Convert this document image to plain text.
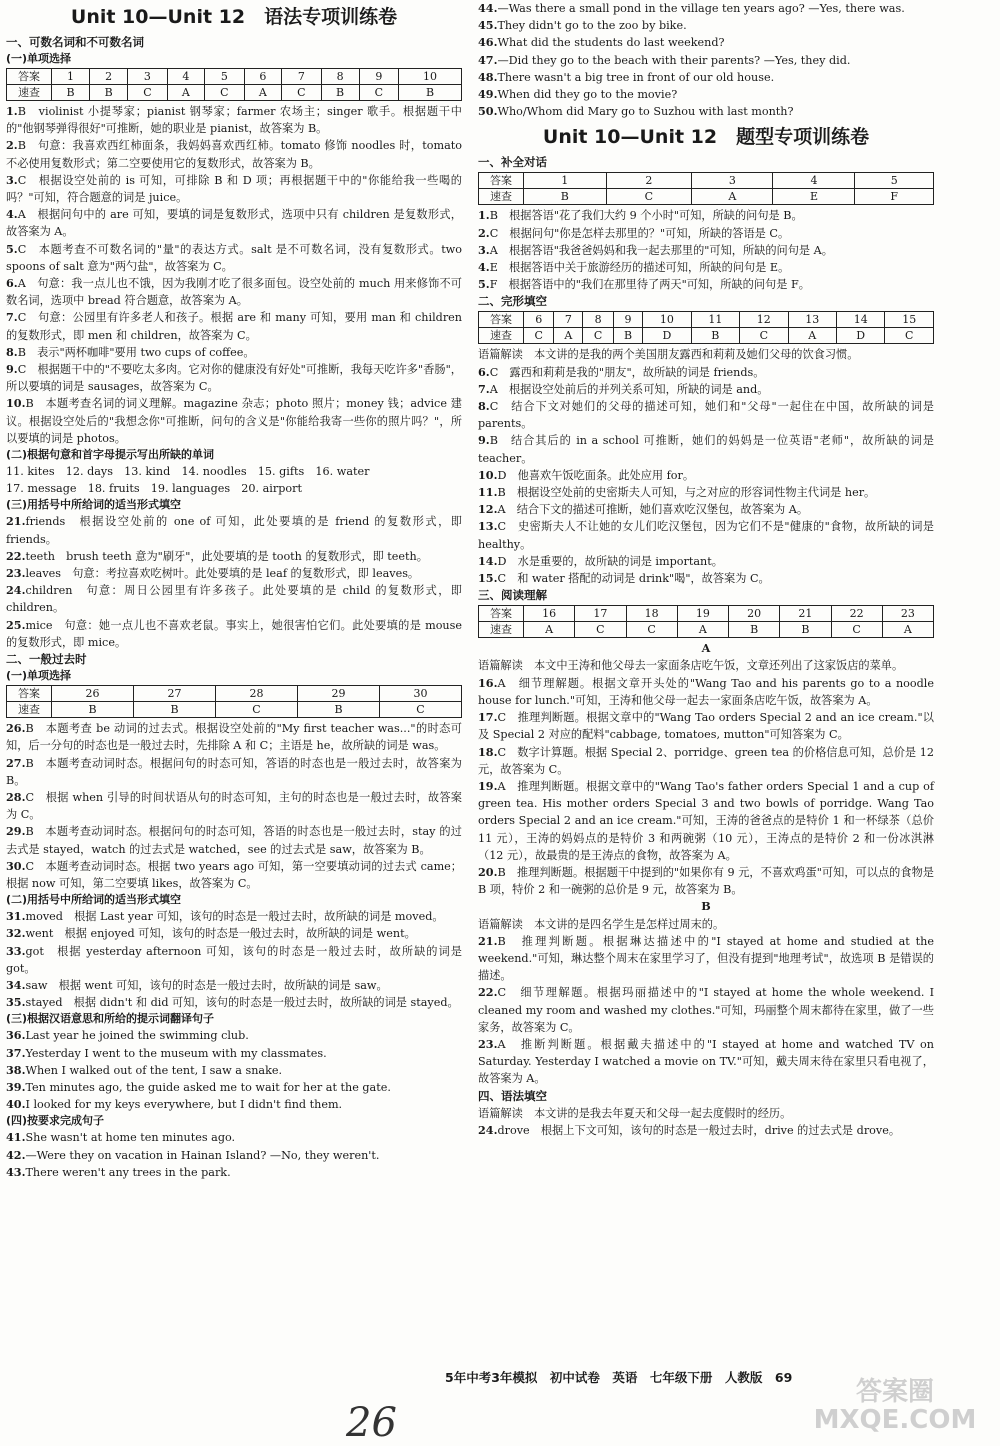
Unit 10—Unit 12　语法专项训练卷

一、可数名词和不可数名词

(一)单项选择

答案	1	2	3	4	5	6	7	8	9	10
速查	B	B	C	A	C	A	C	B	C	B

1.B　violinist 小提琴家；pianist 钢琴家；farmer 农场主；singer 歌手。根据题干中的"他钢琴弹得很好"可推断，她的职业是 pianist，故答案为 B。

2.B　句意：我喜欢西红柿面条，我妈妈喜欢西红柿。tomato 修饰 noodles 时，tomato 不必使用复数形式；第二空要使用它的复数形式，故答案为 B。

3.C　根据设空处前的 is 可知，可排除 B 和 D 项；再根据题干中的"你能给我一些喝的吗？"可知，符合题意的词是 juice。

4.A　根据问句中的 are 可知，要填的词是复数形式，选项中只有 children 是复数形式，故答案为 A。

5.C　本题考查不可数名词的"量"的表达方式。salt 是不可数名词，没有复数形式。two spoons of salt 意为"两勺盐"，故答案为 C。

6.A　句意：我一点儿也不饿，因为我刚才吃了很多面包。设空处前的 much 用来修饰不可数名词，选项中 bread 符合题意，故答案为 A。

7.C　句意：公园里有许多老人和孩子。根据 are 和 many 可知，要用 man 和 children 的复数形式，即 men 和 children，故答案为 C。

8.B　表示"两杯咖啡"要用 two cups of coffee。

9.C　根据题干中的"不要吃太多肉。它对你的健康没有好处"可推断，我每天吃许多"香肠"，所以要填的词是 sausages，故答案为 C。

10.B　本题考查名词的词义理解。magazine 杂志；photo 照片；money 钱；advice 建议。根据设空处后的"我想念你"可推断，问句的含义是"你能给我寄一些你的照片吗？"，所以要填的词是 photos。

(二)根据句意和首字母提示写出所缺的单词

11. kites　12. days　13. kind　14. noodles　15. gifts　16. water

17. message　18. fruits　19. languages　20. airport

(三)用括号中所给词的适当形式填空

21.friends　根据设空处前的 one of 可知，此处要填的是 friend 的复数形式，即 friends。

22.teeth　brush teeth 意为"刷牙"，此处要填的是 tooth 的复数形式，即 teeth。

23.leaves　句意：考拉喜欢吃树叶。此处要填的是 leaf 的复数形式，即 leaves。

24.children　句意：周日公园里有许多孩子。此处要填的是 child 的复数形式，即 children。

25.mice　句意：她一点儿也不喜欢老鼠。事实上，她很害怕它们。此处要填的是 mouse 的复数形式，即 mice。

二、一般过去时

(一)单项选择

答案	26	27	28	29	30
速查	B	B	C	B	C

26.B　本题考查 be 动词的过去式。根据设空处前的"My first teacher was..."的时态可知，后一分句的时态也是一般过去时，先排除 A 和 C；主语是 he，故所缺的词是 was。

27.B　本题考查动词时态。根据问句的时态可知，答语的时态也是一般过去时，故答案为 B。

28.C　根据 when 引导的时间状语从句的时态可知，主句的时态也是一般过去时，故答案为 C。

29.B　本题考查动词时态。根据问句的时态可知，答语的时态也是一般过去时，stay 的过去式是 stayed，watch 的过去式是 watched，see 的过去式是 saw，故答案为 B。

30.C　本题考查动词时态。根据 two years ago 可知，第一空要填动词的过去式 came；根据 now 可知，第二空要填 likes，故答案为 C。

(二)用括号中所给词的适当形式填空

31.moved　根据 Last year 可知，该句的时态是一般过去时，故所缺的词是 moved。

32.went　根据 enjoyed 可知，该句的时态是一般过去时，故所缺的词是 went。

33.got　根据 yesterday afternoon 可知，该句的时态是一般过去时，故所缺的词是 got。

34.saw　根据 went 可知，该句的时态是一般过去时，故所缺的词是 saw。

35.stayed　根据 didn't 和 did 可知，该句的时态是一般过去时，故所缺的词是 stayed。

(三)根据汉语意思和所给的提示词翻译句子

36.Last year he joined the swimming club.

37.Yesterday I went to the museum with my classmates.

38.When I walked out of the tent, I saw a snake.

39.Ten minutes ago, the guide asked me to wait for her at the gate.

40.I looked for my keys everywhere, but I didn't find them.

(四)按要求完成句子

41.She wasn't at home ten minutes ago.

42.—Were they on vacation in Hainan Island? —No, they weren't.

43.There weren't any trees in the park.

44.—Was there a small pond in the village ten years ago? —Yes, there was.

45.They didn't go to the zoo by bike.

46.What did the students do last weekend?

47.—Did they go to the beach with their parents? —Yes, they did.

48.There wasn't a big tree in front of our old house.

49.When did they go to the movie?

50.Who/Whom did Mary go to Suzhou with last month?

Unit 10—Unit 12　题型专项训练卷

一、补全对话

答案	1	2	3	4	5
速查	B	C	A	E	F

1.B　根据答语"花了我们大约 9 个小时"可知，所缺的问句是 B。

2.C　根据问句"你是怎样去那里的？"可知，所缺的答语是 C。

3.A　根据答语"我爸爸妈妈和我一起去那里的"可知，所缺的问句是 A。

4.E　根据答语中关于旅游经历的描述可知，所缺的问句是 E。

5.F　根据答语中的"我们在那里待了两天"可知，所缺的问句是 F。

二、完形填空

答案	6	7	8	9	10	11	12	13	14	15
速查	C	A	C	B	D	B	C	A	D	C

语篇解读　本文讲的是我的两个美国朋友露西和莉莉及她们父母的饮食习惯。

6.C　露西和莉莉是我的"朋友"，故所缺的词是 friends。

7.A　根据设空处前后的并列关系可知，所缺的词是 and。

8.C　结合下文对她们的父母的描述可知，她们和"父母"一起住在中国，故所缺的词是 parents。

9.B　结合其后的 in a school 可推断，她们的妈妈是一位英语"老师"，故所缺的词是 teacher。

10.D　他喜欢午饭吃面条。此处应用 for。

11.B　根据设空处前的史密斯夫人可知，与之对应的形容词性物主代词是 her。

12.A　结合下文的描述可推断，她们喜欢吃汉堡包，故答案为 A。

13.C　史密斯夫人不让她的女儿们吃汉堡包，因为它们不是"健康的"食物，故所缺的词是 healthy。

14.D　水是重要的，故所缺的词是 important。

15.C　和 water 搭配的动词是 drink"喝"，故答案为 C。

三、阅读理解

答案	16	17	18	19	20	21	22	23
速查	A	C	C	A	B	B	C	A

A

语篇解读　本文中王涛和他父母去一家面条店吃午饭，文章还列出了这家饭店的菜单。

16.A　细节理解题。根据文章开头处的"Wang Tao and his parents go to a noodle house for lunch."可知，王涛和他父母一起去一家面条店吃午饭，故答案为 A。

17.C　推理判断题。根据文章中的"Wang Tao orders Special 2 and an ice cream."以及 Special 2 对应的配料"cabbage, tomatoes, mutton"可知答案为 C。

18.C　数字计算题。根据 Special 2、porridge、green tea 的价格信息可知，总价是 12 元，故答案为 C。

19.A　推理判断题。根据文章中的"Wang Tao's father orders Special 1 and a cup of green tea. His mother orders Special 3 and two bowls of porridge. Wang Tao orders Special 2 and an ice cream."可知，王涛的爸爸点的是特价 1 和一杯绿茶（总价 11 元），王涛的妈妈点的是特价 3 和两碗粥（10 元），王涛点的是特价 2 和一份冰淇淋（12 元），故最贵的是王涛点的食物，故答案为 A。

20.B　推理判断题。根据题干中提到的"如果你有 9 元，不喜欢鸡蛋"可知，可以点的食物是 B 项，特价 2 和一碗粥的总价是 9 元，故答案为 B。

B

语篇解读　本文讲的是四名学生是怎样过周末的。

21.B　推理判断题。根据琳达描述中的"I stayed at home and studied at the weekend."可知，琳达整个周末在家里学习了，但没有提到"地理考试"，故选项 B 是错误的描述。

22.C　细节理解题。根据玛丽描述中的"I stayed at home the whole weekend. I cleaned my room and washed my clothes."可知，玛丽整个周末都待在家里，做了一些家务，故答案为 C。

23.A　推断判断题。根据戴夫描述中的"I stayed at home and watched TV on Saturday. Yesterday I watched a movie on TV."可知，戴夫周末待在家里只看电视了，故答案为 A。

四、语法填空

语篇解读　本文讲的是我去年夏天和父母一起去度假时的经历。

24.drove　根据上下文可知，该句的时态是一般过去时，drive 的过去式是 drove。

5年中考3年模拟　初中试卷　英语　七年级下册　人教版　69
26
答案圈 MXQE.COM
